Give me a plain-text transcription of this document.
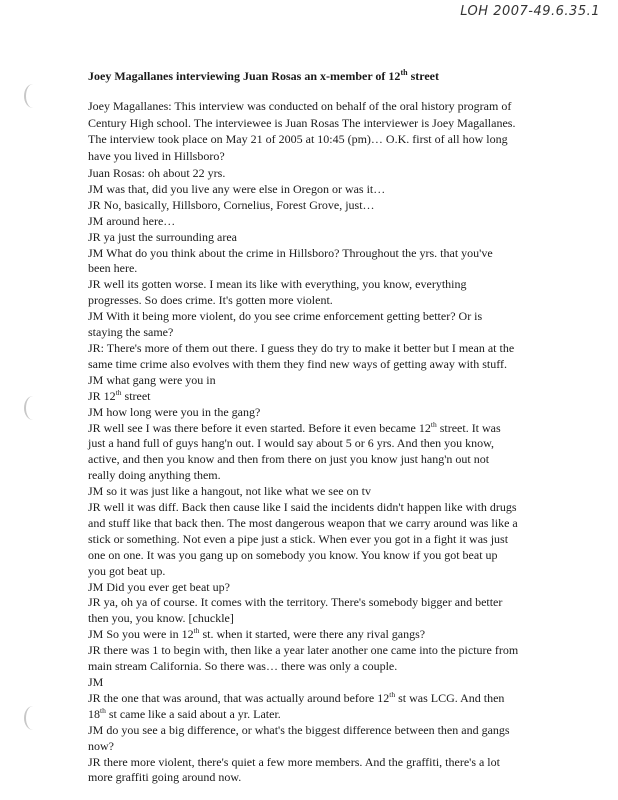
LOH 2007-49.6.35.1
Joey Magallanes interviewing Juan Rosas an x-member of 12th street
Joey Magallanes: This interview was conducted on behalf of the oral history program of
Century High school. The interviewee is Juan Rosas The interviewer is Joey Magallanes.
The interview took place on May 21 of 2005 at 10:45 (pm)… O.K. first of all how long
have you lived in Hillsboro?
Juan Rosas: oh about 22 yrs.
JM was that, did you live any were else in Oregon or was it…
JR No, basically, Hillsboro, Cornelius, Forest Grove, just…
JM around here…
JR ya just the surrounding area
JM What do you think about the crime in Hillsboro? Throughout the yrs. that you've
been here.
JR well its gotten worse. I mean its like with everything, you know, everything
progresses. So does crime. It's gotten more violent.
JM With it being more violent, do you see crime enforcement getting better? Or is
staying the same?
JR: There's more of them out there. I guess they do try to make it better but I mean at the
same time crime also evolves with them they find new ways of getting away with stuff.
JM what gang were you in
JR 12th street
JM how long were you in the gang?
JR well see I was there before it even started. Before it even became 12th street. It was
just a hand full of guys hang'n out. I would say about 5 or 6 yrs. And then you know,
active, and then you know and then from there on just you know just hang'n out not
really doing anything them.
JM so it was just like a hangout, not like what we see on tv
JR well it was diff. Back then cause like I said the incidents didn't happen like with drugs
and stuff like that back then. The most dangerous weapon that we carry around was like a
stick or something. Not even a pipe just a stick. When ever you got in a fight it was just
one on one. It was you gang up on somebody you know. You know if you got beat up
you got beat up.
JM Did you ever get beat up?
JR ya, oh ya of course. It comes with the territory. There's somebody bigger and better
then you, you know. [chuckle]
JM So you were in 12th st. when it started, were there any rival gangs?
JR there was 1 to begin with, then like a year later another one came into the picture from
main stream California. So there was… there was only a couple.
JM
JR the one that was around, that was actually around before 12th st was LCG. And then
18th st came like a said about a yr. Later.
JM do you see a big difference, or what's the biggest difference between then and gangs
now?
JR there more violent, there's quiet a few more members. And the graffiti, there's a lot
more graffiti going around now.
